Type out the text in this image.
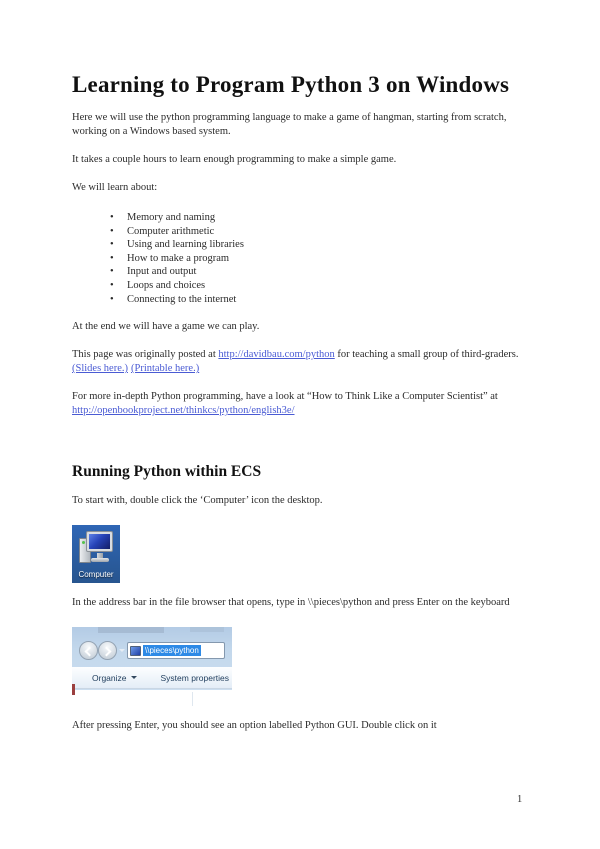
Learning to Program Python 3 on Windows

Here we will use the python programming language to make a game of hangman, starting from scratch, working on a Windows based system.

It takes a couple hours to learn enough programming to make a simple game.

We will learn about:

• Memory and naming
• Computer arithmetic
• Using and learning libraries
• How to make a program
• Input and output
• Loops and choices
• Connecting to the internet

At the end we will have a game we can play.

This page was originally posted at http://davidbau.com/python for teaching a small group of third-graders. (Slides here.) (Printable here.)

For more in-depth Python programming, have a look at “How to Think Like a Computer Scientist” at http://openbookproject.net/thinkcs/python/english3e/

Running Python within ECS

To start with, double click the ‘Computer’ icon the desktop.

Computer

In the address bar in the file browser that opens, type in \\pieces\python and press Enter on the keyboard

\\pieces\python
Organize	System properties

After pressing Enter, you should see an option labelled Python GUI. Double click on it

1
